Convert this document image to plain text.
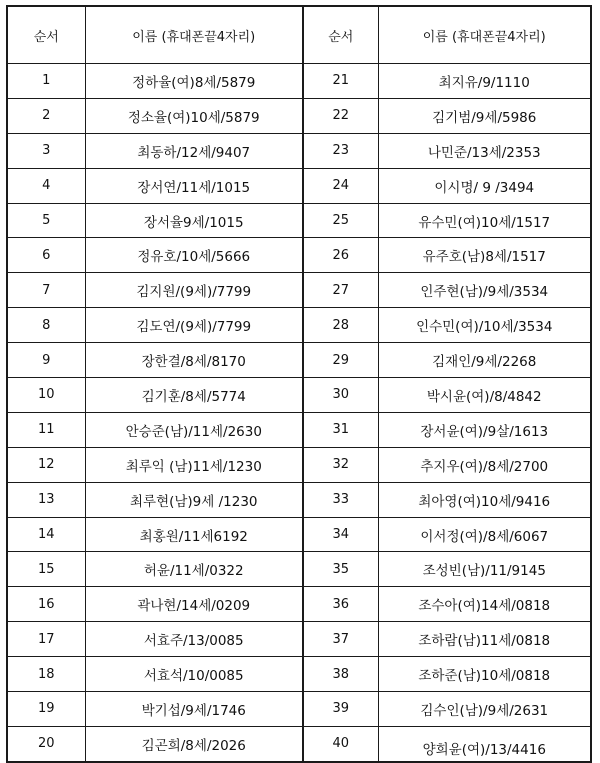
순서	이름 (휴대폰끝4자리)	순서	이름 (휴대폰끝4자리)
1	정하율(여)8세/5879	21	최지유/9/1110
2	정소율(여)10세/5879	22	김기범/9세/5986
3	최동하/12세/9407	23	나민준/13세/2353
4	장서연/11세/1015	24	이시명/ 9 /3494
5	장서율9세/1015	25	유수민(여)10세/1517
6	정유호/10세/5666	26	유주호(남)8세/1517
7	김지원/(9세)/7799	27	인주현(남)/9세/3534
8	김도연/(9세)/7799	28	인수민(여)/10세/3534
9	장한결/8세/8170	29	김재인/9세/2268
10	김기훈/8세/5774	30	박시윤(여)/8/4842
11	안승준(남)/11세/2630	31	장서윤(여)/9살/1613
12	최루익 (남)11세/1230	32	추지우(여)/8세/2700
13	최루현(남)9세 /1230	33	최아영(여)10세/9416
14	최홍원/11세6192	34	이서정(여)/8세/6067
15	허윤/11세/0322	35	조성빈(남)/11/9145
16	곽나현/14세/0209	36	조수아(여)14세/0818
17	서효주/13/0085	37	조하람(남)11세/0818
18	서효석/10/0085	38	조하준(남)10세/0818
19	박기섭/9세/1746	39	김수인(남)/9세/2631
20	김곤희/8세/2026	40	양희윤(여)/13/4416
